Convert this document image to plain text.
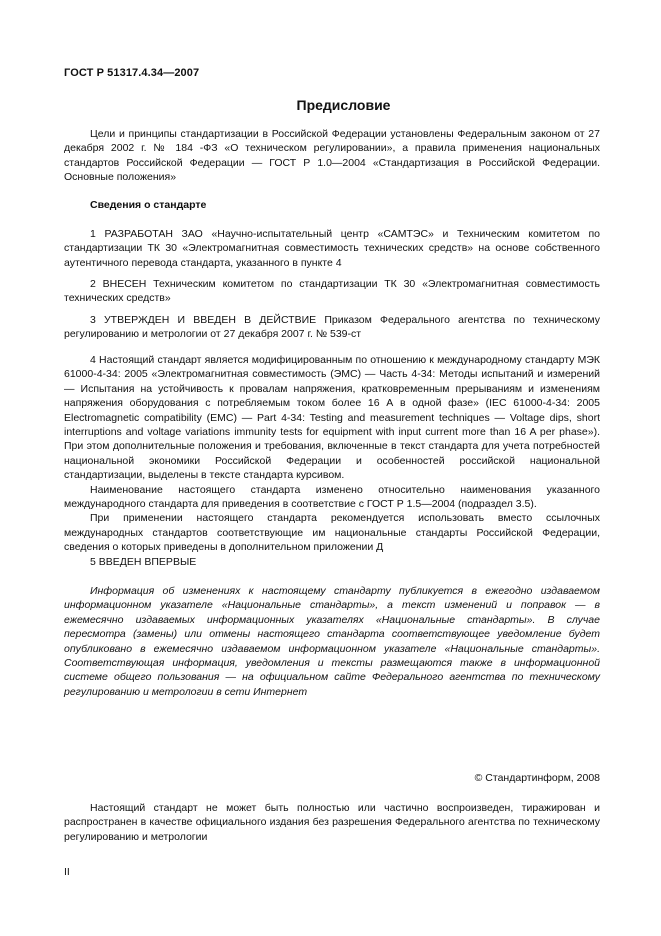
ГОСТ Р 51317.4.34—2007
Предисловие

Цели и принципы стандартизации в Российской Федерации установлены Федеральным законом от 27 декабря 2002 г. № 184 -ФЗ «О техническом регулировании», а правила применения национальных стандартов Российской Федерации — ГОСТ Р 1.0—2004 «Стандартизация в Российской Федерации. Основные положения»

Сведения о стандарте

1 РАЗРАБОТАН ЗАО «Научно-испытательный центр «САМТЭС» и Техническим комитетом по стандартизации ТК 30 «Электромагнитная совместимость технических средств» на основе собственного аутентичного перевода стандарта, указанного в пункте 4

2 ВНЕСЕН Техническим комитетом по стандартизации ТК 30 «Электромагнитная совместимость технических средств»

3 УТВЕРЖДЕН И ВВЕДЕН В ДЕЙСТВИЕ Приказом Федерального агентства по техническому регулированию и метрологии от 27 декабря 2007 г. № 539-ст

4 Настоящий стандарт является модифицированным по отношению к международному стандарту МЭК 61000-4-34: 2005 «Электромагнитная совместимость (ЭМС) — Часть 4-34: Методы испытаний и измерений — Испытания на устойчивость к провалам напряжения, кратковременным прерываниям и изменениям напряжения оборудования с потребляемым током более 16 А в одной фазе» (IEC 61000-4-34: 2005 Electromagnetic compatibility (EMC) — Part 4-34: Testing and measurement techniques — Voltage dips, short interruptions and voltage variations immunity tests for equipment with input current more than 16 A per phase»). При этом дополнительные положения и требования, включенные в текст стандарта для учета потребностей национальной экономики Российской Федерации и особенностей российской национальной стандартизации, выделены в тексте стандарта курсивом.

Наименование настоящего стандарта изменено относительно наименования указанного международного стандарта для приведения в соответствие с ГОСТ Р 1.5—2004 (подраздел 3.5).

При применении настоящего стандарта рекомендуется использовать вместо ссылочных международных стандартов соответствующие им национальные стандарты Российской Федерации, сведения о которых приведены в дополнительном приложении Д

5 ВВЕДЕН ВПЕРВЫЕ

Информация об изменениях к настоящему стандарту публикуется в ежегодно издаваемом информационном указателе «Национальные стандарты», а текст изменений и поправок — в ежемесячно издаваемых информационных указателях «Национальные стандарты». В случае пересмотра (замены) или отмены настоящего стандарта соответствующее уведомление будет опубликовано в ежемесячно издаваемом информационном указателе «Национальные стандарты». Соответствующая информация, уведомления и тексты размещаются также в информационной системе общего пользования — на официальном сайте Федерального агентства по техническому регулированию и метрологии в сети Интернет

© Стандартинформ, 2008

Настоящий стандарт не может быть полностью или частично воспроизведен, тиражирован и распространен в качестве официального издания без разрешения Федерального агентства по техническому регулированию и метрологии

II
